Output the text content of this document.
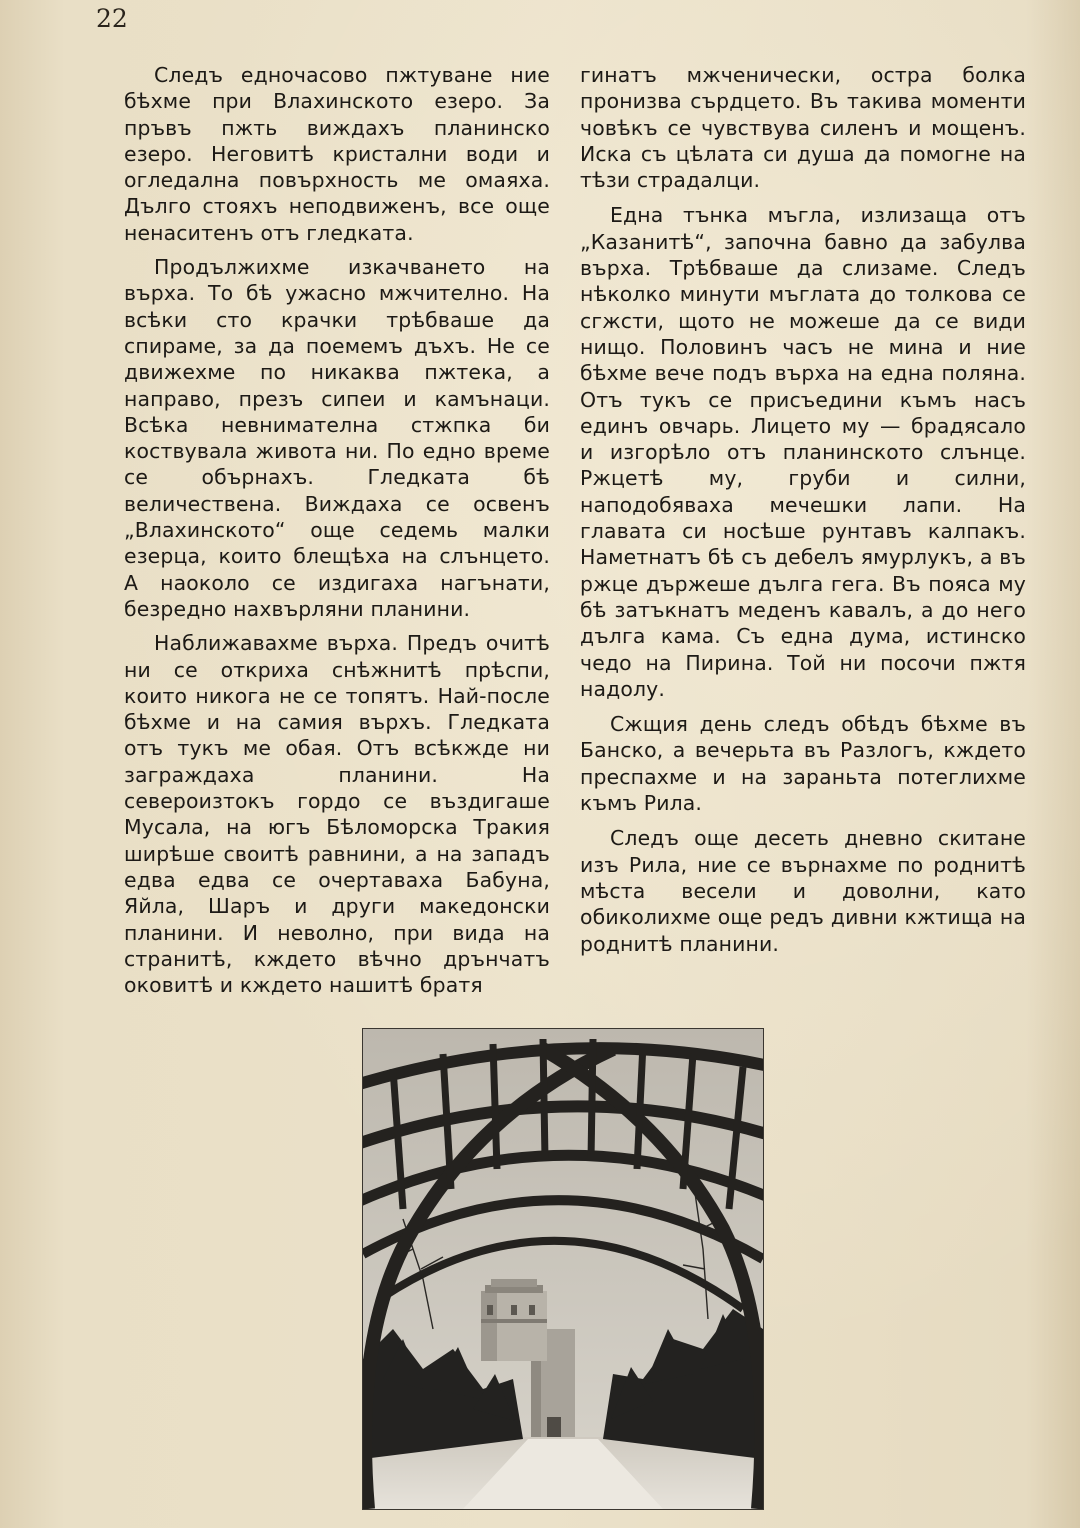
22

Следъ едночасово пжтуване ние бѣхме при Влахинското езеро. За пръвъ пжть виждахъ планинско езеро. Неговитѣ кристални води и огледална повърхность ме омаяха. Дълго стояхъ неподвиженъ, все още ненаситенъ отъ гледката.

Продължихме изкачването на върха. То бѣ ужасно мжчително. На всѣки сто крачки трѣбваше да спираме, за да поемемъ дъхъ. Не се движехме по никаква пжтека, а направо, презъ сипеи и камънаци. Всѣка невнимателна стжпка би коствувала живота ни. По едно време се обърнахъ. Гледката бѣ величествена. Виждаха се освенъ „Влахинското“ още седемь малки езерца, които блещѣха на слънцето. А наоколо се издигаха нагънати, безредно нахвърляни планини.

Наближавахме върха. Предъ очитѣ ни се откриха снѣжнитѣ прѣспи, които никога не се топятъ. Най-после бѣхме и на самия върхъ. Гледката отъ тукъ ме обая. Отъ всѣкжде ни заграждаха планини. На североизтокъ гордо се въздигаше Мусала, на югъ Бѣломорска Тракия ширѣше своитѣ равнини, а на западъ едва едва се очертаваха Бабуна, Яйла, Шаръ и други македонски планини. И неволно, при вида на странитѣ, кждето вѣчно дрънчатъ оковитѣ и кждето нашитѣ братя

гинатъ мжченически, остра болка пронизва сърдцето. Въ такива моменти човѣкъ се чувствува силенъ и мощенъ. Иска съ цѣлата си душа да помогне на тѣзи страдалци.

Една тънка мъгла, излизаща отъ „Казанитѣ“, започна бавно да забулва върха. Трѣбваше да слизаме. Следъ нѣколко минути мъглата до толкова се сгжсти, щото не можеше да се види нищо. Половинъ часъ не мина и ние бѣхме вече подъ върха на една поляна. Отъ тукъ се присъедини къмъ насъ единъ овчарь. Лицето му — брадясало и изгорѣло отъ планинското слънце. Ржцетѣ му, груби и силни, наподобяваха мечешки лапи. На главата си носѣше рунтавъ калпакъ. Наметнатъ бѣ съ дебелъ ямурлукъ, а въ ржце държеше дълга гега. Въ пояса му бѣ затъкнатъ меденъ кавалъ, а до него дълга кама. Съ една дума, истинско чедо на Пирина. Той ни посочи пжтя надолу.

Сжщия день следъ обѣдъ бѣхме въ Банско, а вечерьта въ Разлогъ, кждето преспахме и на зараньта потеглихме къмъ Рила.

Следъ още десеть дневно скитане изъ Рила, ние се върнахме по роднитѣ мѣста весели и доволни, като обиколихме още редъ дивни кжтища на роднитѣ планини.
